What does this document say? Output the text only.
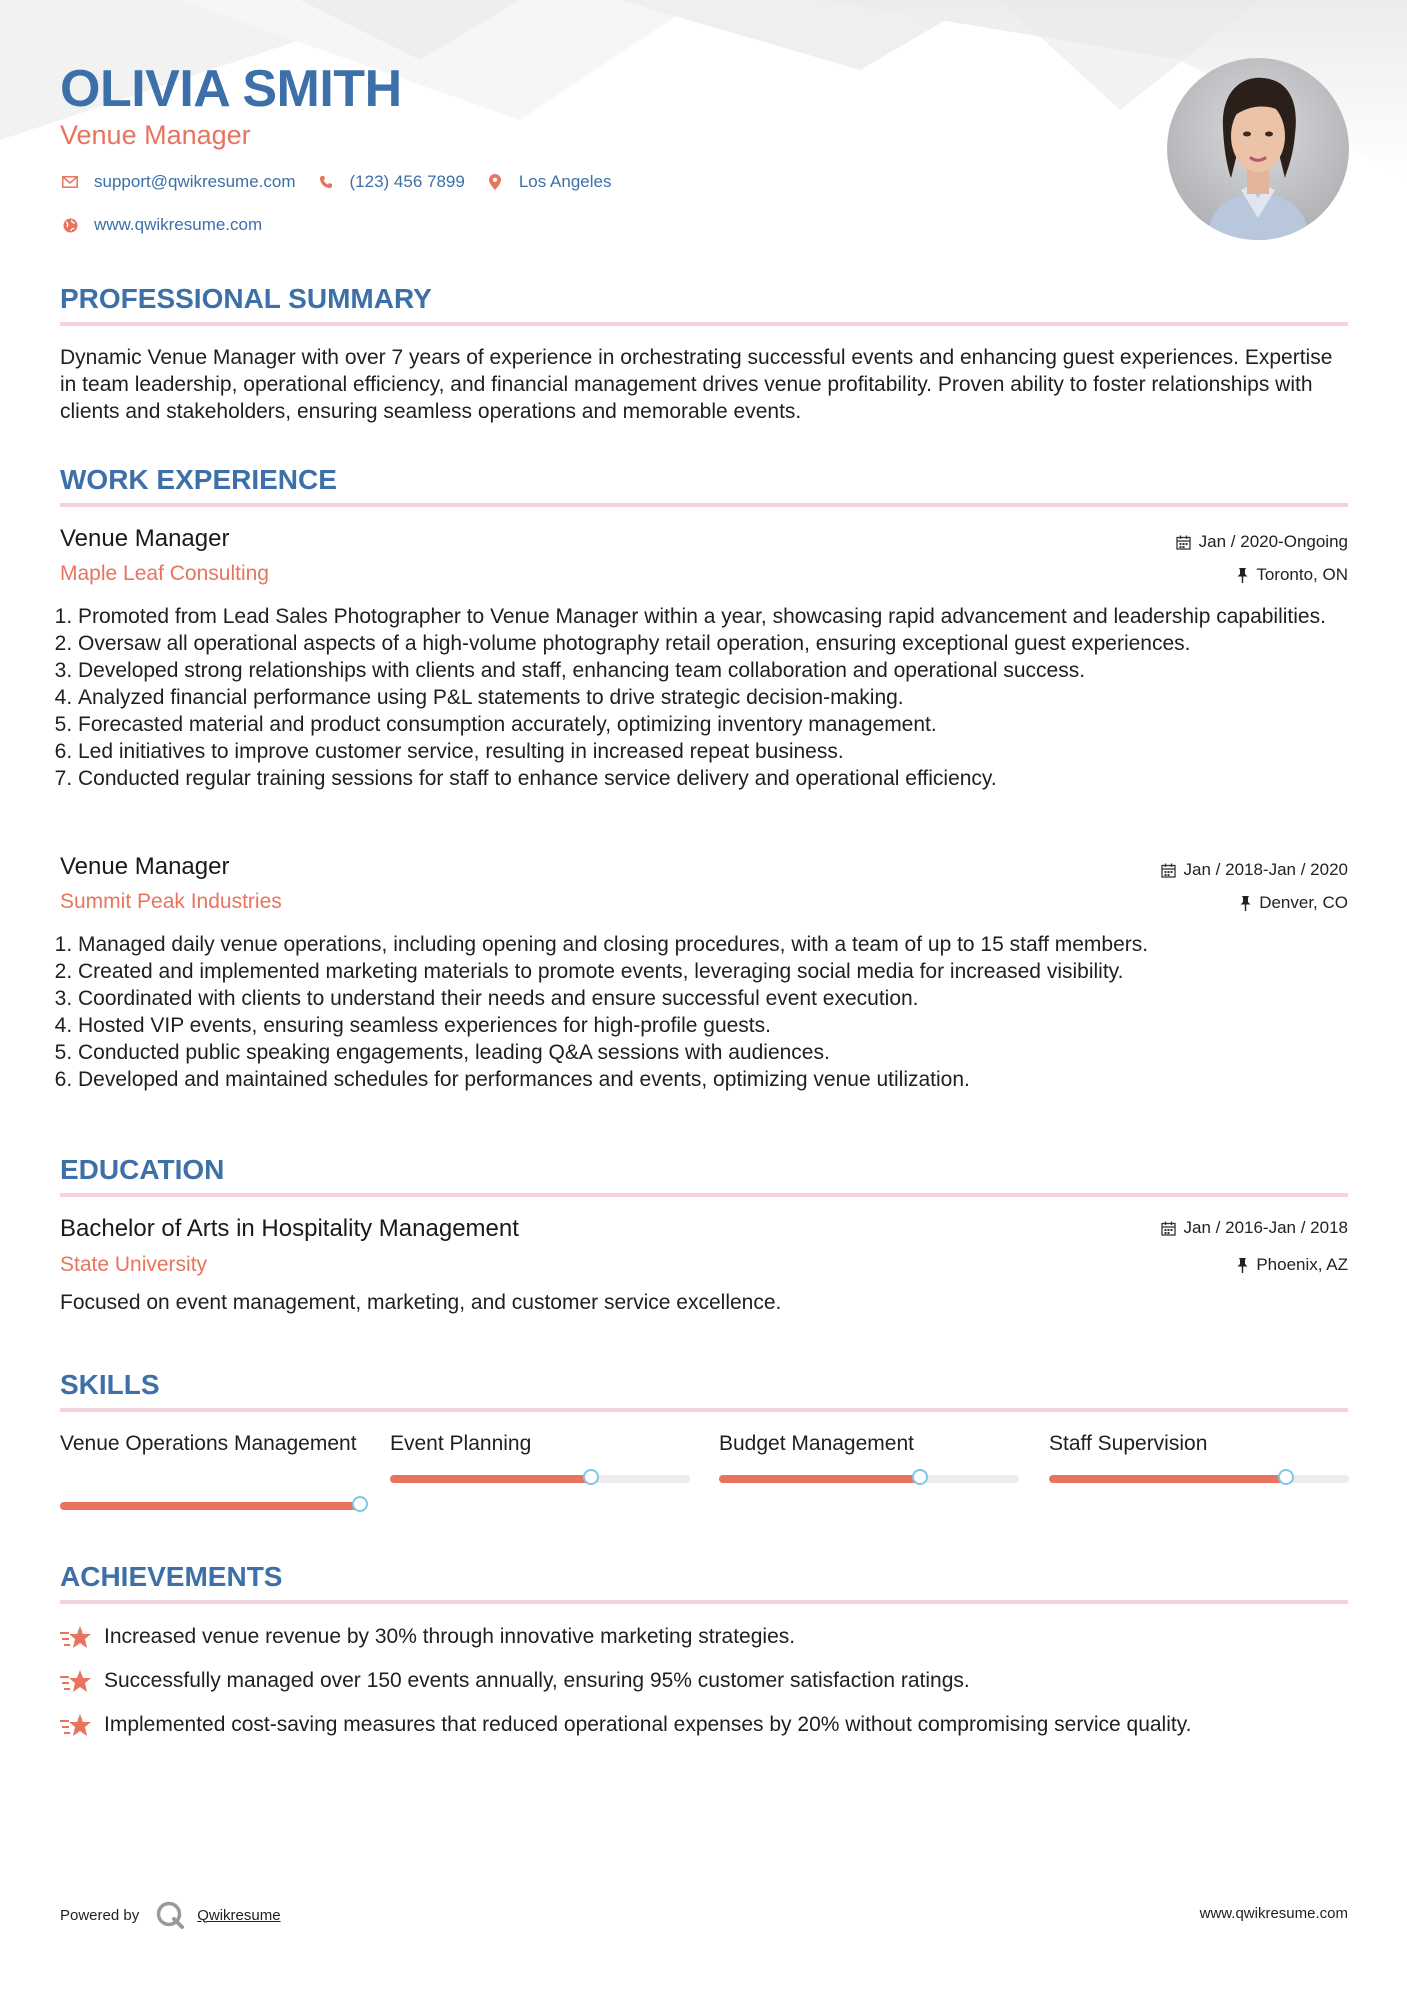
OLIVIA SMITH
Venue Manager
support@qwikresume.com	(123) 456 7899	Los Angeles
www.qwikresume.com
PROFESSIONAL SUMMARY

Dynamic Venue Manager with over 7 years of experience in orchestrating successful events and enhancing guest experiences. Expertise in team leadership, operational efficiency, and financial management drives venue profitability. Proven ability to foster relationships with clients and stakeholders, ensuring seamless operations and memorable events.

WORK EXPERIENCE
Venue Manager
Maple Leaf Consulting
Jan / 2020-Ongoing
Toronto, ON
1. Promoted from Lead Sales Photographer to Venue Manager within a year, showcasing rapid advancement and leadership capabilities.
2. Oversaw all operational aspects of a high-volume photography retail operation, ensuring exceptional guest experiences.
3. Developed strong relationships with clients and staff, enhancing team collaboration and operational success.
4. Analyzed financial performance using P&L statements to drive strategic decision-making.
5. Forecasted material and product consumption accurately, optimizing inventory management.
6. Led initiatives to improve customer service, resulting in increased repeat business.
7. Conducted regular training sessions for staff to enhance service delivery and operational efficiency.
Venue Manager
Summit Peak Industries
Jan / 2018-Jan / 2020
Denver, CO
1. Managed daily venue operations, including opening and closing procedures, with a team of up to 15 staff members.
2. Created and implemented marketing materials to promote events, leveraging social media for increased visibility.
3. Coordinated with clients to understand their needs and ensure successful event execution.
4. Hosted VIP events, ensuring seamless experiences for high-profile guests.
5. Conducted public speaking engagements, leading Q&A sessions with audiences.
6. Developed and maintained schedules for performances and events, optimizing venue utilization.
EDUCATION
Bachelor of Arts in Hospitality Management
State University
Jan / 2016-Jan / 2018
Phoenix, AZ

Focused on event management, marketing, and customer service excellence.

SKILLS
Venue Operations Management Event Planning	Budget Management	Staff Supervision
ACHIEVEMENTS
Increased venue revenue by 30% through innovative marketing strategies.
Successfully managed over 150 events annually, ensuring 95% customer satisfaction ratings.
Implemented cost-saving measures that reduced operational expenses by 20% without compromising service quality.
Powered by	Qwikresume	www.qwikresume.com
